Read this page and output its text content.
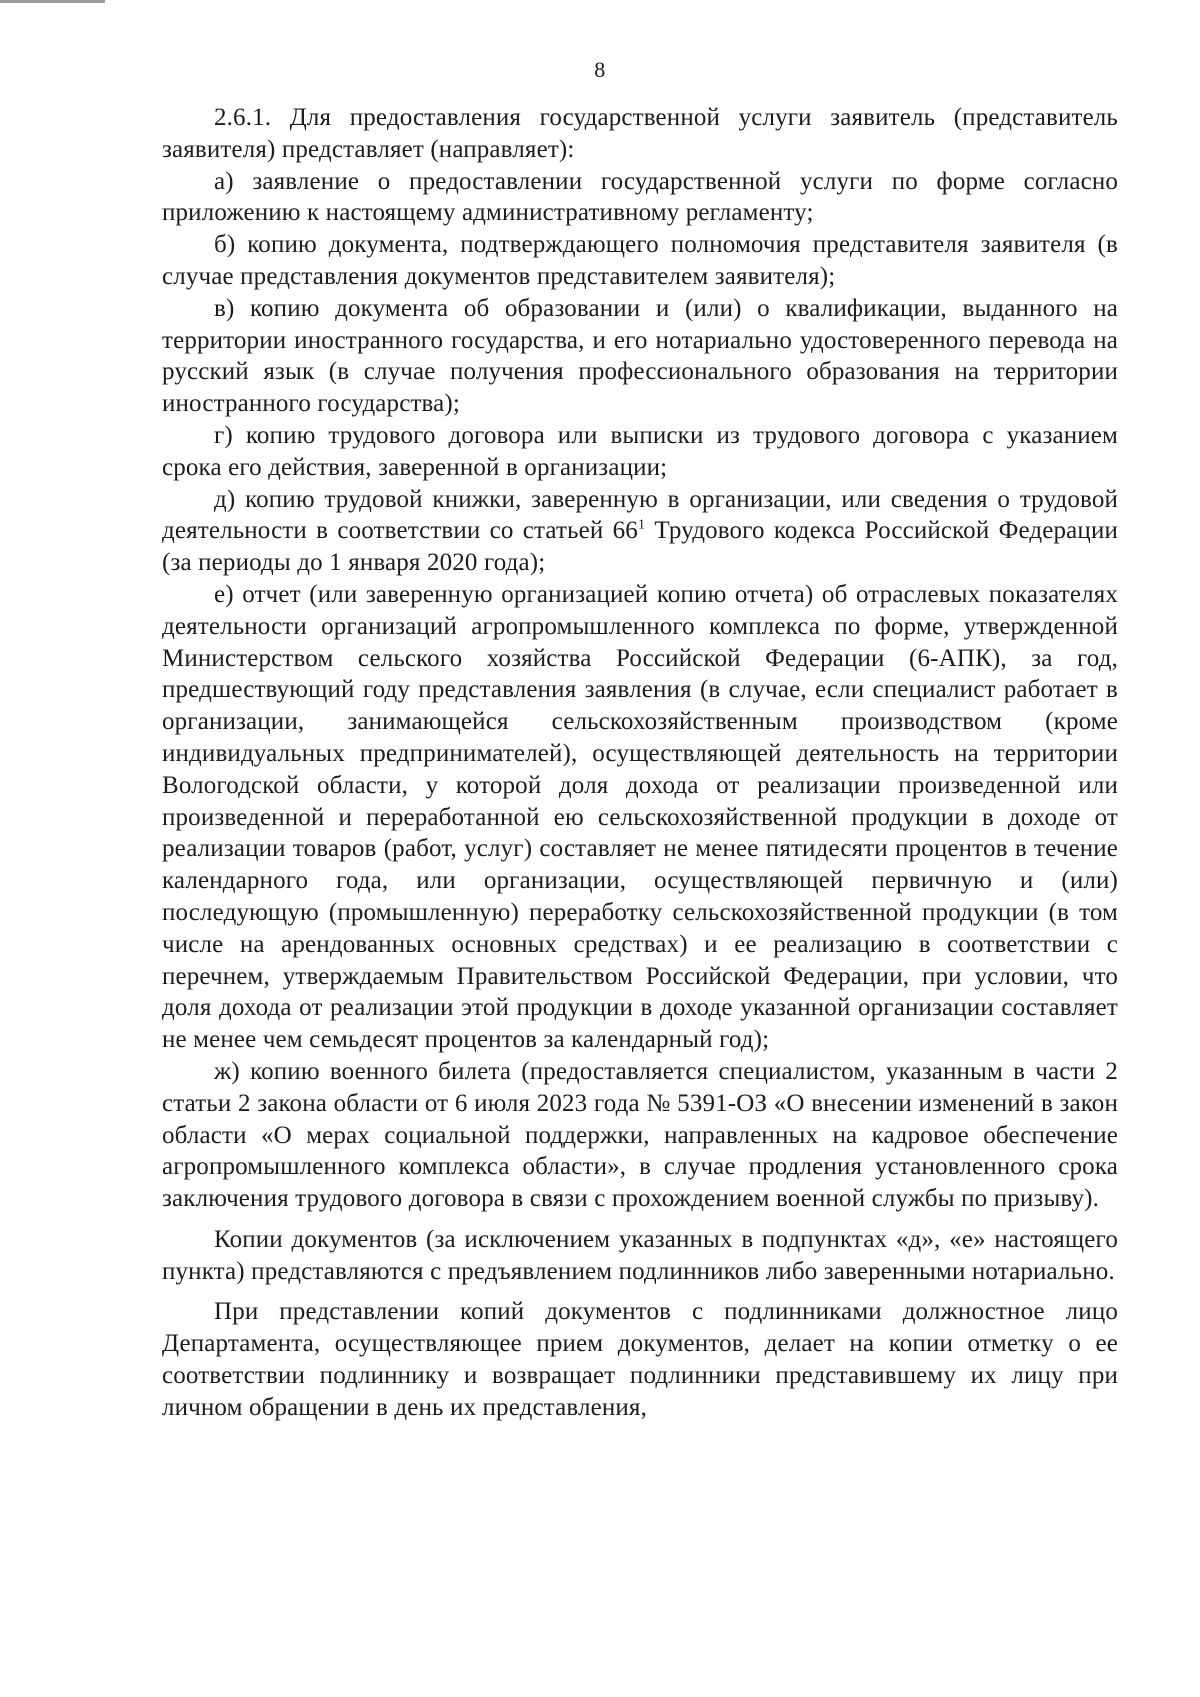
8

2.6.1. Для предоставления государственной услуги заявитель (представитель заявителя) представляет (направляет):

а) заявление о предоставлении государственной услуги по форме согласно приложению к настоящему административному регламенту;

б) копию документа, подтверждающего полномочия представителя заявителя (в случае представления документов представителем заявителя);

в) копию документа об образовании и (или) о квалификации, выданного на территории иностранного государства, и его нотариально удостоверенного перевода на русский язык (в случае получения профессионального образования на территории иностранного государства);

г) копию трудового договора или выписки из трудового договора с указанием срока его действия, заверенной в организации;

д) копию трудовой книжки, заверенную в организации, или сведения о трудовой деятельности в соответствии со статьей $66^1$ Трудового кодекса Российской Федерации (за периоды до 1 января 2020 года);

е) отчет (или заверенную организацией копию отчета) об отраслевых показателях деятельности организаций агропромышленного комплекса по форме, утвержденной Министерством сельского хозяйства Российской Федерации (6-АПК), за год, предшествующий году представления заявления (в случае, если специалист работает в организации, занимающейся сельскохозяйственным производством (кроме индивидуальных предпринимателей), осуществляющей деятельность на территории Вологодской области, у которой доля дохода от реализации произведенной или произведенной и переработанной ею сельскохозяйственной продукции в доходе от реализации товаров (работ, услуг) составляет не менее пятидесяти процентов в течение календарного года, или организации, осуществляющей первичную и (или) последующую (промышленную) переработку сельскохозяйственной продукции (в том числе на арендованных основных средствах) и ее реализацию в соответствии с перечнем, утверждаемым Правительством Российской Федерации, при условии, что доля дохода от реализации этой продукции в доходе указанной организации составляет не менее чем семьдесят процентов за календарный год);

ж) копию военного билета (предоставляется специалистом, указанным в части 2 статьи 2 закона области от 6 июля 2023 года № 5391-ОЗ «О внесении изменений в закон области «О мерах социальной поддержки, направленных на кадровое обеспечение агропромышленного комплекса области», в случае продления установленного срока заключения трудового договора в связи с прохождением военной службы по призыву).

Копии документов (за исключением указанных в подпунктах «д», «е» настоящего пункта) представляются с предъявлением подлинников либо заверенными нотариально.

При представлении копий документов с подлинниками должностное лицо Департамента, осуществляющее прием документов, делает на копии отметку о ее соответствии подлиннику и возвращает подлинники представившему их лицу при личном обращении в день их представления,
